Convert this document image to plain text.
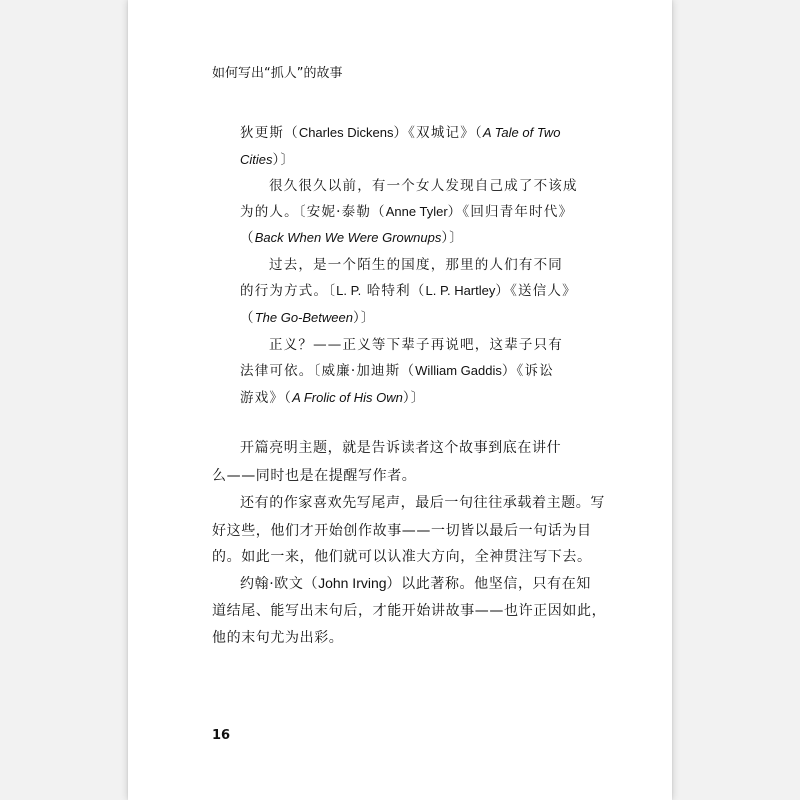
如何写出“抓人”的故事
狄更斯（Charles Dickens）《双城记》（A Tale of Two
Cities）〕
很久很久以前，有一个女人发现自己成了不该成
为的人。〔安妮·泰勒（Anne Tyler）《回归青年时代》
（Back When We Were Grownups）〕
过去，是一个陌生的国度，那里的人们有不同
的行为方式。〔L. P. 哈特利（L. P. Hartley）《送信人》
（The Go-Between）〕
正义？——正义等下辈子再说吧，这辈子只有
法律可依。〔威廉·加迪斯（William Gaddis）《诉讼
游戏》（A Frolic of His Own）〕
开篇亮明主题，就是告诉读者这个故事到底在讲什
么——同时也是在提醒写作者。
还有的作家喜欢先写尾声，最后一句往往承载着主题。写
好这些，他们才开始创作故事——一切皆以最后一句话为目
的。如此一来，他们就可以认准大方向，全神贯注写下去。
约翰·欧文（John Irving）以此著称。他坚信，只有在知
道结尾、能写出末句后，才能开始讲故事——也许正因如此，
他的末句尤为出彩。
16
